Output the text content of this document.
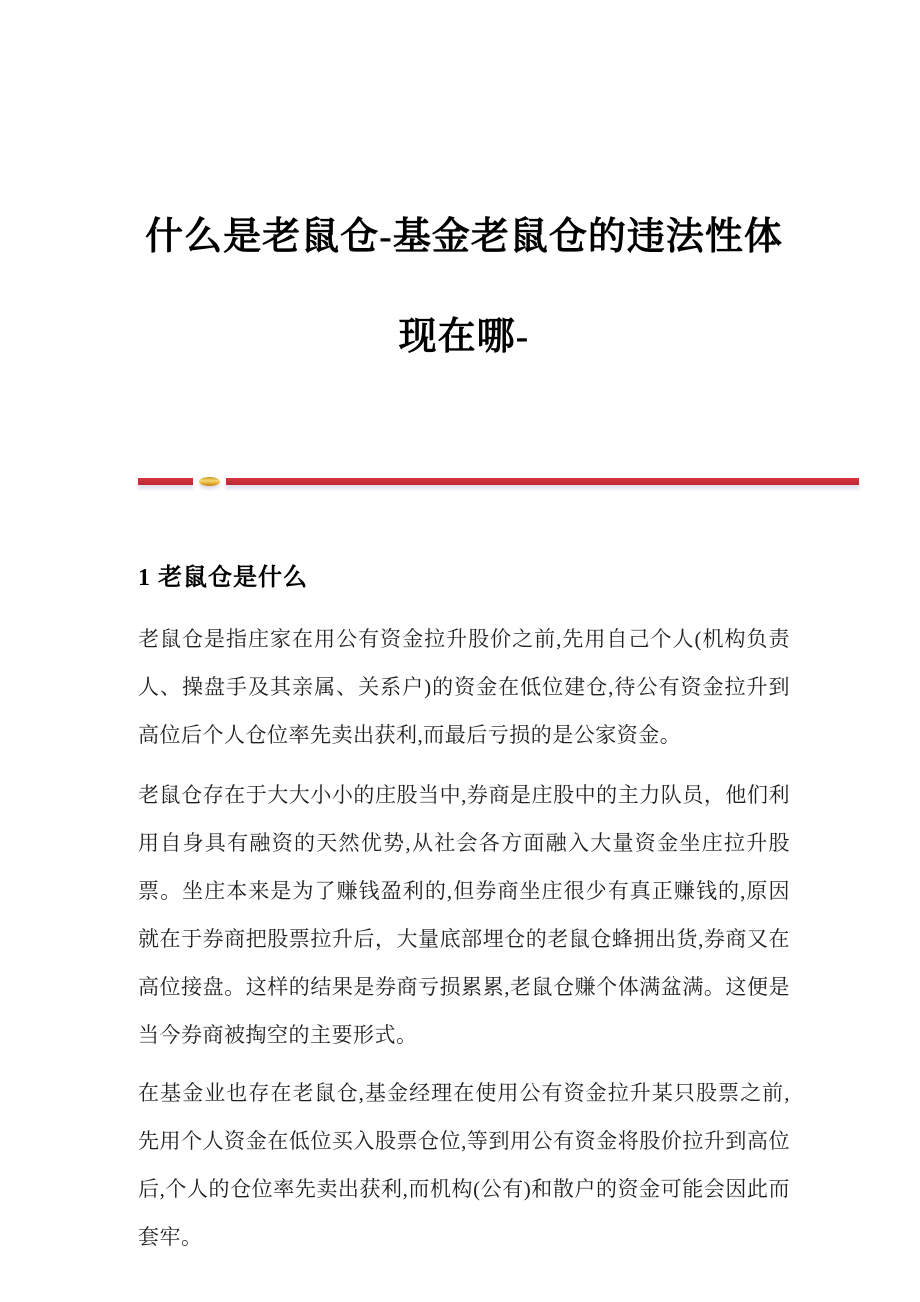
什么是老鼠仓-基金老鼠仓的违法性体
现在哪-
1 老鼠仓是什么

老鼠仓是指庄家在用公有资金拉升股价之前,先用自己个人(机构负责人、操盘手及其亲属、关系户)的资金在低位建仓,待公有资金拉升到高位后个人仓位率先卖出获利,而最后亏损的是公家资金。

老鼠仓存在于大大小小的庄股当中,券商是庄股中的主力队员，他们利用自身具有融资的天然优势,从社会各方面融入大量资金坐庄拉升股票。坐庄本来是为了赚钱盈利的,但券商坐庄很少有真正赚钱的,原因就在于券商把股票拉升后，大量底部埋仓的老鼠仓蜂拥出货,券商又在高位接盘。这样的结果是券商亏损累累,老鼠仓赚个体满盆满。这便是当今券商被掏空的主要形式。

在基金业也存在老鼠仓,基金经理在使用公有资金拉升某只股票之前,先用个人资金在低位买入股票仓位,等到用公有资金将股价拉升到高位后,个人的仓位率先卖出获利,而机构(公有)和散户的资金可能会因此而套牢。
